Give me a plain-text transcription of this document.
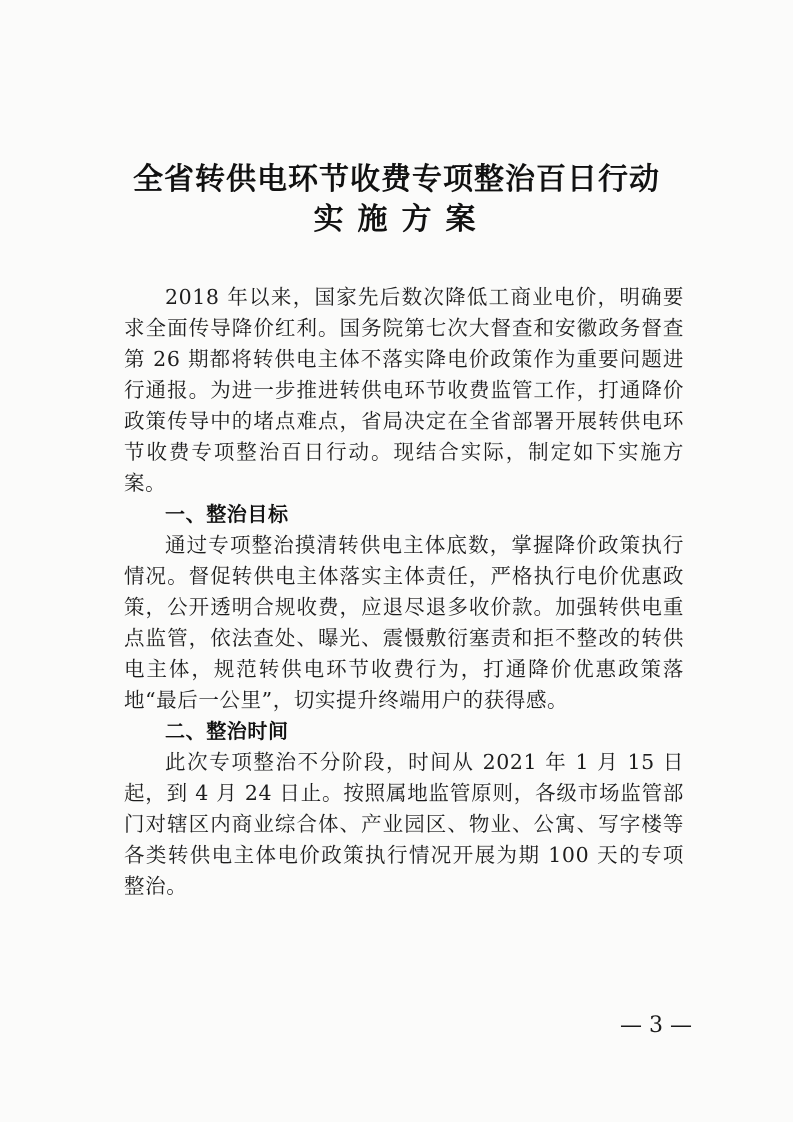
全省转供电环节收费专项整治百日行动
实施方案

2018 年以来，国家先后数次降低工商业电价，明确要求全面传导降价红利。国务院第七次大督查和安徽政务督查第 26 期都将转供电主体不落实降电价政策作为重要问题进行通报。为进一步推进转供电环节收费监管工作，打通降价政策传导中的堵点难点，省局决定在全省部署开展转供电环节收费专项整治百日行动。现结合实际，制定如下实施方案。

一、整治目标

通过专项整治摸清转供电主体底数，掌握降价政策执行情况。督促转供电主体落实主体责任，严格执行电价优惠政策，公开透明合规收费，应退尽退多收价款。加强转供电重点监管，依法查处、曝光、震慑敷衍塞责和拒不整改的转供电主体，规范转供电环节收费行为，打通降价优惠政策落地“最后一公里”，切实提升终端用户的获得感。

二、整治时间

此次专项整治不分阶段，时间从 2021 年 1 月 15 日起，到 4 月 24 日止。按照属地监管原则，各级市场监管部门对辖区内商业综合体、产业园区、物业、公寓、写字楼等各类转供电主体电价政策执行情况开展为期 100 天的专项整治。

— 3 —
